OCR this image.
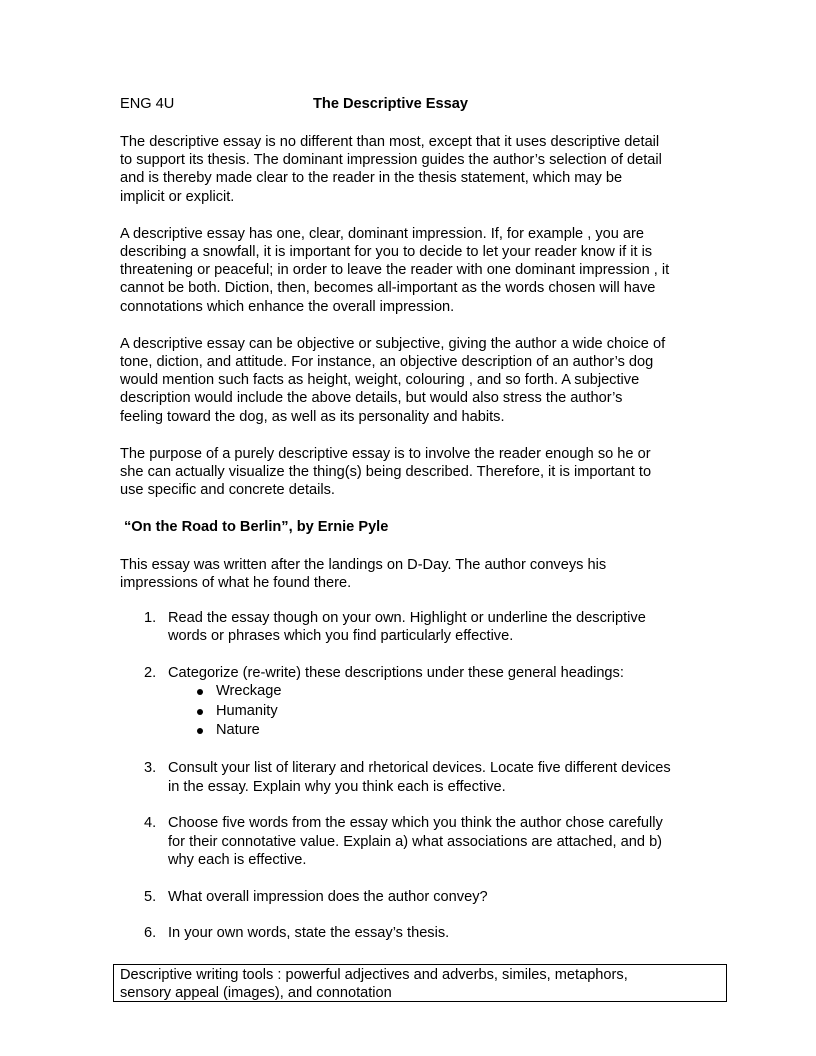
ENG 4U	The Descriptive Essay

The descriptive essay is no different than most, except that it uses descriptive detail

to support its thesis. The dominant impression guides the author’s selection of detail

and is thereby made clear to the reader in the thesis statement, which may be

implicit or explicit.

A descriptive essay has one, clear, dominant impression. If, for example , you are

describing a snowfall, it is important for you to decide to let your reader know if it is

threatening or peaceful; in order to leave the reader with one dominant impression , it

cannot be both. Diction, then, becomes all-important as the words chosen will have

connotations which enhance the overall impression.

A descriptive essay can be objective or subjective, giving the author a wide choice of

tone, diction, and attitude. For instance, an objective description of an author’s dog

would mention such facts as height, weight, colouring , and so forth. A subjective

description would include the above details, but would also stress the author’s

feeling toward the dog, as well as its personality and habits.

The purpose of a purely descriptive essay is to involve the reader enough so he or

she can actually visualize the thing(s) being described. Therefore, it is important to

use specific and concrete details.

“On the Road to Berlin”, by Ernie Pyle

This essay was written after the landings on D-Day. The author conveys his

impressions of what he found there.

1. Read the essay though on your own. Highlight or underline the descriptive

words or phrases which you find particularly effective.

2. Categorize (re-write) these descriptions under these general headings:

Wreckage
Humanity
Nature
3. Consult your list of literary and rhetorical devices. Locate five different devices

in the essay. Explain why you think each is effective.

4. Choose five words from the essay which you think the author chose carefully

for their connotative value. Explain a) what associations are attached, and b)

why each is effective.

5. What overall impression does the author convey?

6. In your own words, state the essay’s thesis.

Descriptive writing tools : powerful adjectives and adverbs, similes, metaphors,

sensory appeal (images), and connotation
